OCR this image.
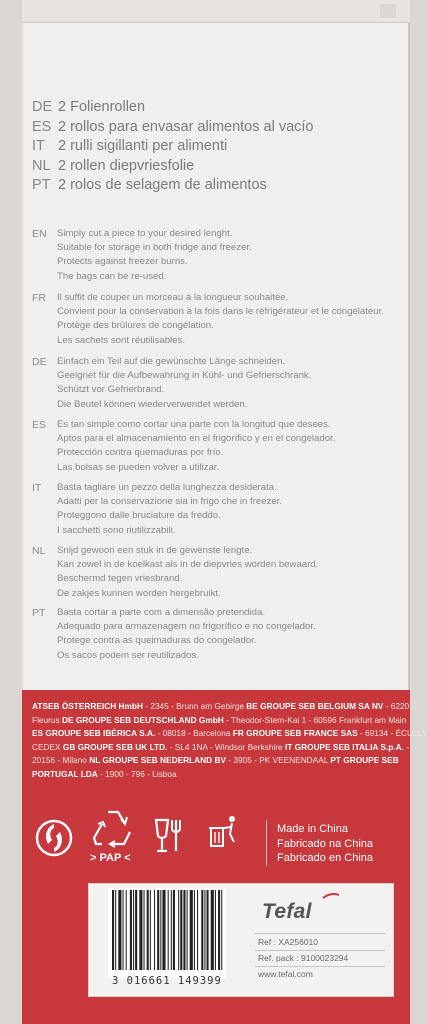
DE 2 Folienrollen
ES 2 rollos para envasar alimentos al vacío
IT 2 rulli sigillanti per alimenti
NL 2 rollen diepvriesfolie
PT 2 rolos de selagem de alimentos
EN Simply cut a piece to your desired lenght.
Suitable for storage in both fridge and freezer.
Protects against freezer burns.
The bags can be re-used.
FR Il suffit de couper un morceau à la longueur souhaitée.
Convient pour la conservation à la fois dans le réfrigérateur et le congélateur.
Protège des brûlures de congélation.
Les sachets sont réutilisables.
DE Einfach ein Teil auf die gewünschte Länge schneiden.
Geeignet für die Aufbewahrung in Kühl- und Gefrierschrank.
Schützt vor Gefrierbrand.
Die Beutel können wiederverwendet werden.
ES Es tan simple como cortar una parte con la longitud que desees.
Aptos para el almacenamiento en el frigorífico y en el congelador.
Protección contra quemaduras por frío.
Las bolsas se pueden volver a utilizar.
IT Basta tagliare un pezzo della lunghezza desiderata.
Adatti per la conservazione sia in frigo che in freezer.
Proteggono dalle bruciature da freddo.
I sacchetti sono riutilizzabili.
NL Snijd gewoon een stuk in de gewenste lengte.
Kan zowel in de koelkast als in de diepvries worden bewaard.
Beschermd tegen vriesbrand.
De zakjes kunnen worden hergebruikt.
PT Basta cortar a parte com a dimensão pretendida.
Adequado para armazenagem no frigorífico e no congelador.
Protege contra as queimaduras do congelador.
Os sacos podem ser reutilizados.
ATSEB ÖSTERREICH HmbH - 2345 - Brunn am Gebirge BE GROUPE SEB BELGIUM SA NV - 6220 -
Fleurus DE GROUPE SEB DEUTSCHLAND GmbH - Theodor-Stern-Kai 1 - 60596 Frankfurt am Main
ES GROUPE SEB IBÉRICA S.A. - 08018 - Barcelona FR GROUPE SEB FRANCE SAS - 69134 - ÉCULLY
CEDEX GB GROUPE SEB UK LTD. - SL4 1NA - Windsor Berkshire IT GROUPE SEB ITALIA S.p.A. -
20156 - Milano NL GROUPE SEB NEDERLAND BV - 3905 - PK VEENENDAAL PT GROUPE SEB
PORTUGAL LDA - 1900 - 796 - Lisboa
> PAP <
Made in China
Fabricado na China
Fabricado en China
3 016661 149399
Tefal
Ref : XA256010
Ref. pack : 9100023294
www.tefal.com
